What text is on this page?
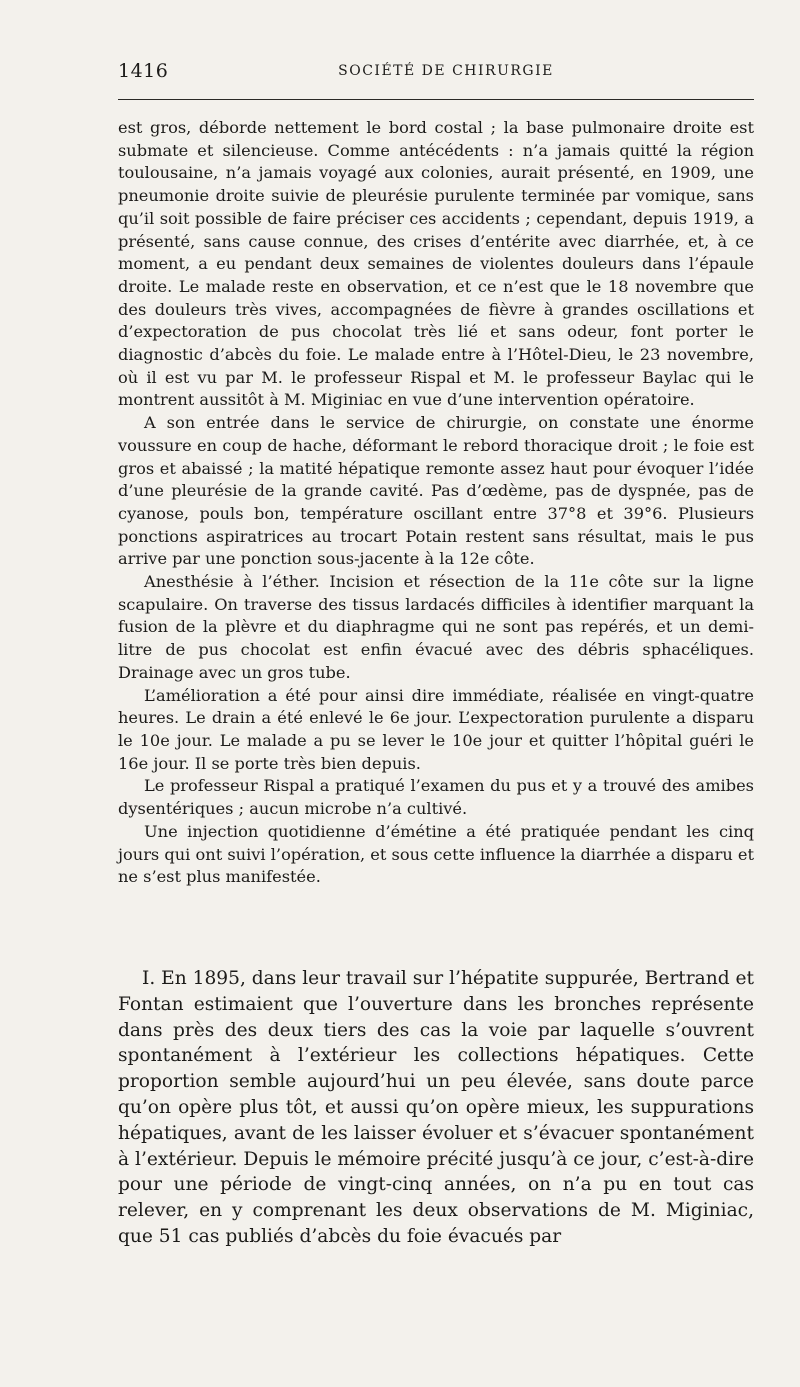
1416	SOCIÉTÉ DE CHIRURGIE

est gros, déborde nettement le bord costal ; la base pulmonaire droite est submate et silencieuse. Comme antécédents : n’a jamais quitté la région toulousaine, n’a jamais voyagé aux colonies, aurait présenté, en 1909, une pneumonie droite suivie de pleurésie purulente terminée par vomique, sans qu’il soit possible de faire préciser ces accidents ; cependant, depuis 1919, a présenté, sans cause connue, des crises d’entérite avec diarrhée, et, à ce moment, a eu pendant deux semaines de violentes douleurs dans l’épaule droite. Le malade reste en observation, et ce n’est que le 18 novembre que des douleurs très vives, accompagnées de fièvre à grandes oscillations et d’expectoration de pus chocolat très lié et sans odeur, font porter le diagnostic d’abcès du foie. Le malade entre à l’Hôtel-Dieu, le 23 novembre, où il est vu par M. le professeur Rispal et M. le professeur Baylac qui le montrent aussitôt à M. Miginiac en vue d’une intervention opératoire.

A son entrée dans le service de chirurgie, on constate une énorme voussure en coup de hache, déformant le rebord thoracique droit ; le foie est gros et abaissé ; la matité hépatique remonte assez haut pour évoquer l’idée d’une pleurésie de la grande cavité. Pas d’œdème, pas de dyspnée, pas de cyanose, pouls bon, température oscillant entre 37°8 et 39°6. Plusieurs ponctions aspiratrices au trocart Potain restent sans résultat, mais le pus arrive par une ponction sous-jacente à la 12e côte.

Anesthésie à l’éther. Incision et résection de la 11e côte sur la ligne scapulaire. On traverse des tissus lardacés difficiles à identifier marquant la fusion de la plèvre et du diaphragme qui ne sont pas repérés, et un demi-litre de pus chocolat est enfin évacué avec des débris sphacéliques. Drainage avec un gros tube.

L’amélioration a été pour ainsi dire immédiate, réalisée en vingt-quatre heures. Le drain a été enlevé le 6e jour. L’expectoration purulente a disparu le 10e jour. Le malade a pu se lever le 10e jour et quitter l’hôpital guéri le 16e jour. Il se porte très bien depuis.

Le professeur Rispal a pratiqué l’examen du pus et y a trouvé des amibes dysentériques ; aucun microbe n’a cultivé.

Une injection quotidienne d’émétine a été pratiquée pendant les cinq jours qui ont suivi l’opération, et sous cette influence la diarrhée a disparu et ne s’est plus manifestée.

I. En 1895, dans leur travail sur l’hépatite suppurée, Bertrand et Fontan estimaient que l’ouverture dans les bronches représente dans près des deux tiers des cas la voie par laquelle s’ouvrent spontanément à l’extérieur les collections hépatiques. Cette proportion semble aujourd’hui un peu élevée, sans doute parce qu’on opère plus tôt, et aussi qu’on opère mieux, les suppurations hépatiques, avant de les laisser évoluer et s’évacuer spontanément à l’extérieur. Depuis le mémoire précité jusqu’à ce jour, c’est-à-dire pour une période de vingt-cinq années, on n’a pu en tout cas relever, en y comprenant les deux observations de M. Miginiac, que 51 cas publiés d’abcès du foie évacués par
